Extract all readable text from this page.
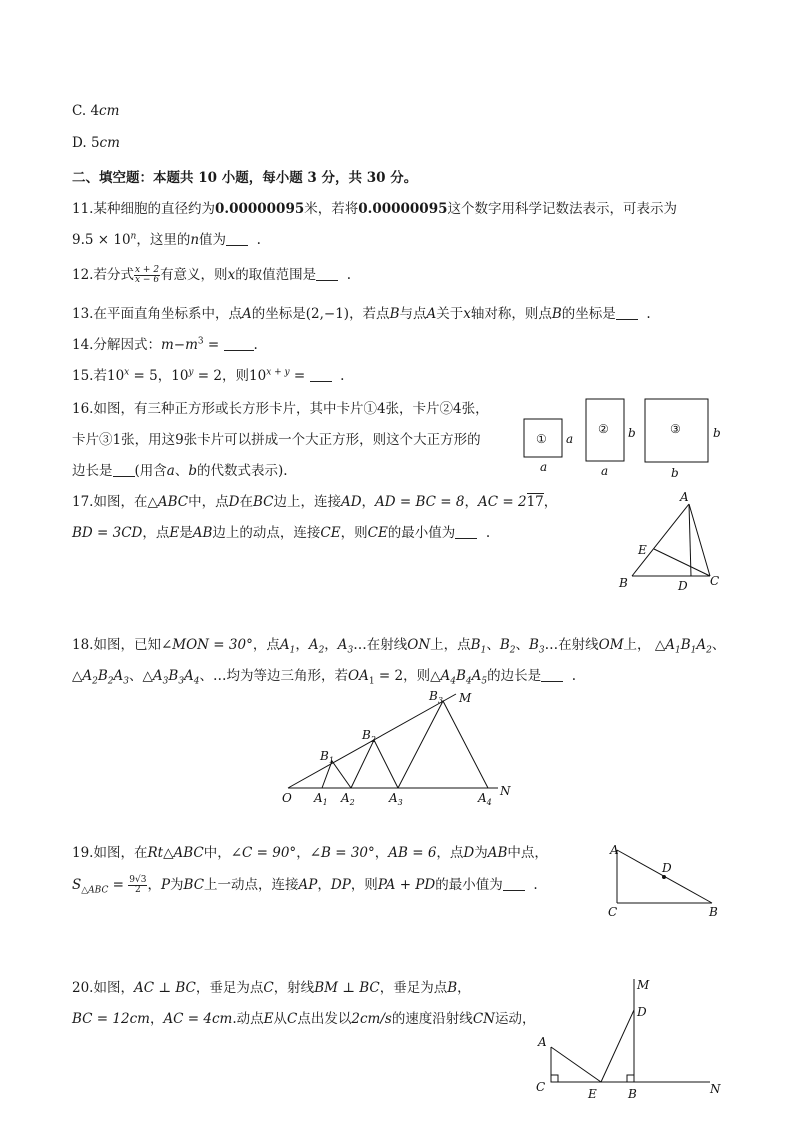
C. 4cm
D. 5cm
二、填空题：本题共 10 小题，每小题 3 分，共 30 分。
11.某种细胞的直径约为0.00000095米，若将0.00000095这个数字用科学记数法表示，可表示为
$9.5 \times 10^n$，这里的n值为 .
12.若分式 $\frac{x + 2}{x - 6}$ 有意义，则x的取值范围是 .
13.在平面直角坐标系中，点A的坐标是(2,−1)，若点B与点A关于x轴对称，则点B的坐标是 .
14.分解因式：$m-m^3$ = .
15.若$10^x = 5$，$10^y = 2$，则$10^{x + y}$ =   .
16.如图，有三种正方形或长方形卡片，其中卡片①4张，卡片②4张，
卡片③1张，用这9张卡片可以拼成一个大正方形，则这个大正方形的
边长是 (用含a、b的代数式表示).
① a
a
② b
a
③	b
b
17.如图，在△ABC中，点D在BC边上，连接AD，AD = BC = 8，AC = 217，
BD = 3CD，点E是AB边上的动点，连接CE，则CE的最小值为 .
A
E
B	D C
18.如图，已知∠MON = 30°，点$A_1$，$A_2$，$A_3\dots$在射线ON上，点$B_1$、$B_2$、$B_3\dots$在射线OM上， $\triangle A_1B_1A_2$、
$\triangle A_2B_2A_3$、$\triangle A_3B_3A_4$、…均为等边三角形，若$OA_1 = 2$，则$\triangle A_4B_4A_5$的边长是 .
O $A_1$ $A_2$	$A_3$	$A_4$
N
$B_1$
$B_2$
$B_3$ M
19.如图，在Rt△ABC中，∠C = 90°，∠B = 30°，AB = 6，点D为AB中点，
$S_{\triangle ABC} = \frac{9√3}{2}$ ，P为BC上一动点，连接AP，DP，则PA + PD的最小值为 .
A
D
C	B
20.如图，AC ⊥ BC，垂足为点C，射线BM ⊥ BC，垂足为点B，
BC = 12cm，AC = 4cm.动点E从C点出发以2cm/s的速度沿射线CN运动，
M
D
A
C	E	B	N
